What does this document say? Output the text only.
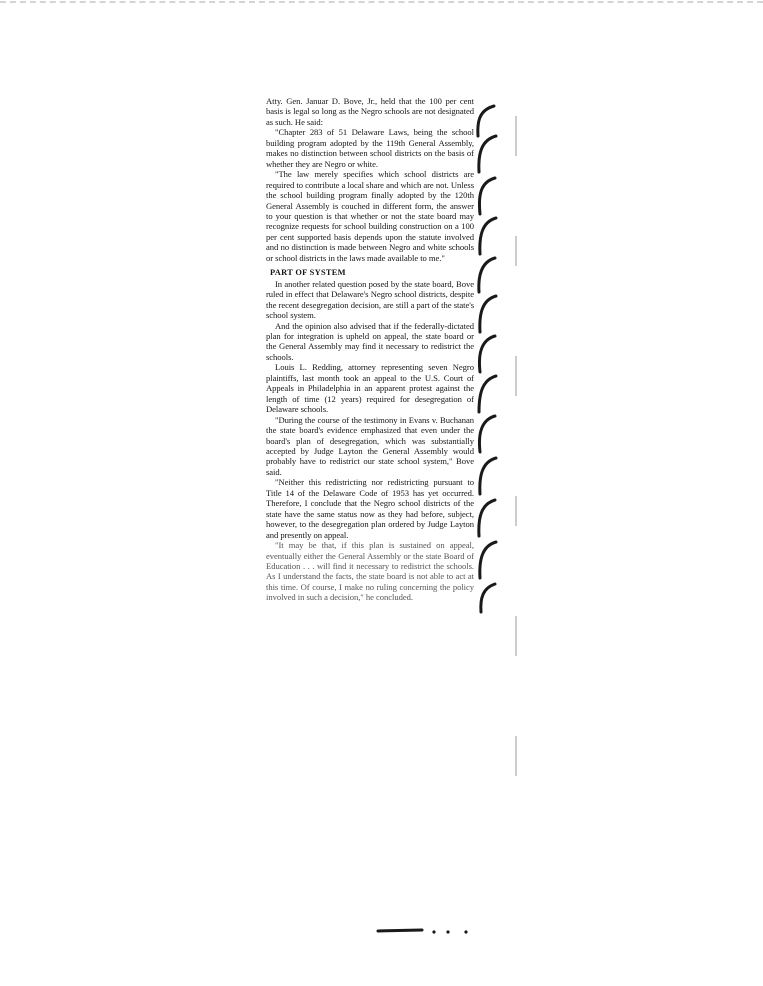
Atty. Gen. Januar D. Bove, Jr., held that the 100 per cent basis is legal so long as the Negro schools are not designated as such. He said:

"Chapter 283 of 51 Delaware Laws, being the school building program adopted by the 119th General Assembly, makes no distinction between school districts on the basis of whether they are Negro or white.

"The law merely specifies which school districts are required to contribute a local share and which are not. Unless the school building program finally adopted by the 120th General Assembly is couched in different form, the answer to your question is that whether or not the state board may recognize requests for school building construction on a 100 per cent supported basis depends upon the statute involved and no distinction is made between Negro and white schools or school districts in the laws made available to me."

PART OF SYSTEM

In another related question posed by the state board, Bove ruled in effect that Delaware's Negro school districts, despite the recent desegregation decision, are still a part of the state's school system.

And the opinion also advised that if the federally-dictated plan for integration is upheld on appeal, the state board or the General Assembly may find it necessary to redistrict the schools.

Louis L. Redding, attorney representing seven Negro plaintiffs, last month took an appeal to the U.S. Court of Appeals in Philadelphia in an apparent protest against the length of time (12 years) required for desegregation of Delaware schools.

"During the course of the testimony in Evans v. Buchanan the state board's evidence emphasized that even under the board's plan of desegregation, which was substantially accepted by Judge Layton the General Assembly would probably have to redistrict our state school system," Bove said.

"Neither this redistricting nor redistricting pursuant to Title 14 of the Delaware Code of 1953 has yet occurred. Therefore, I conclude that the Negro school districts of the state have the same status now as they had before, subject, however, to the desegregation plan ordered by Judge Layton and presently on appeal.

"It may be that, if this plan is sustained on appeal, eventually either the General Assembly or the state Board of Education . . . will find it necessary to redistrict the schools. As I understand the facts, the state board is not able to act at this time. Of course, I make no ruling concerning the policy involved in such a decision," he concluded.
